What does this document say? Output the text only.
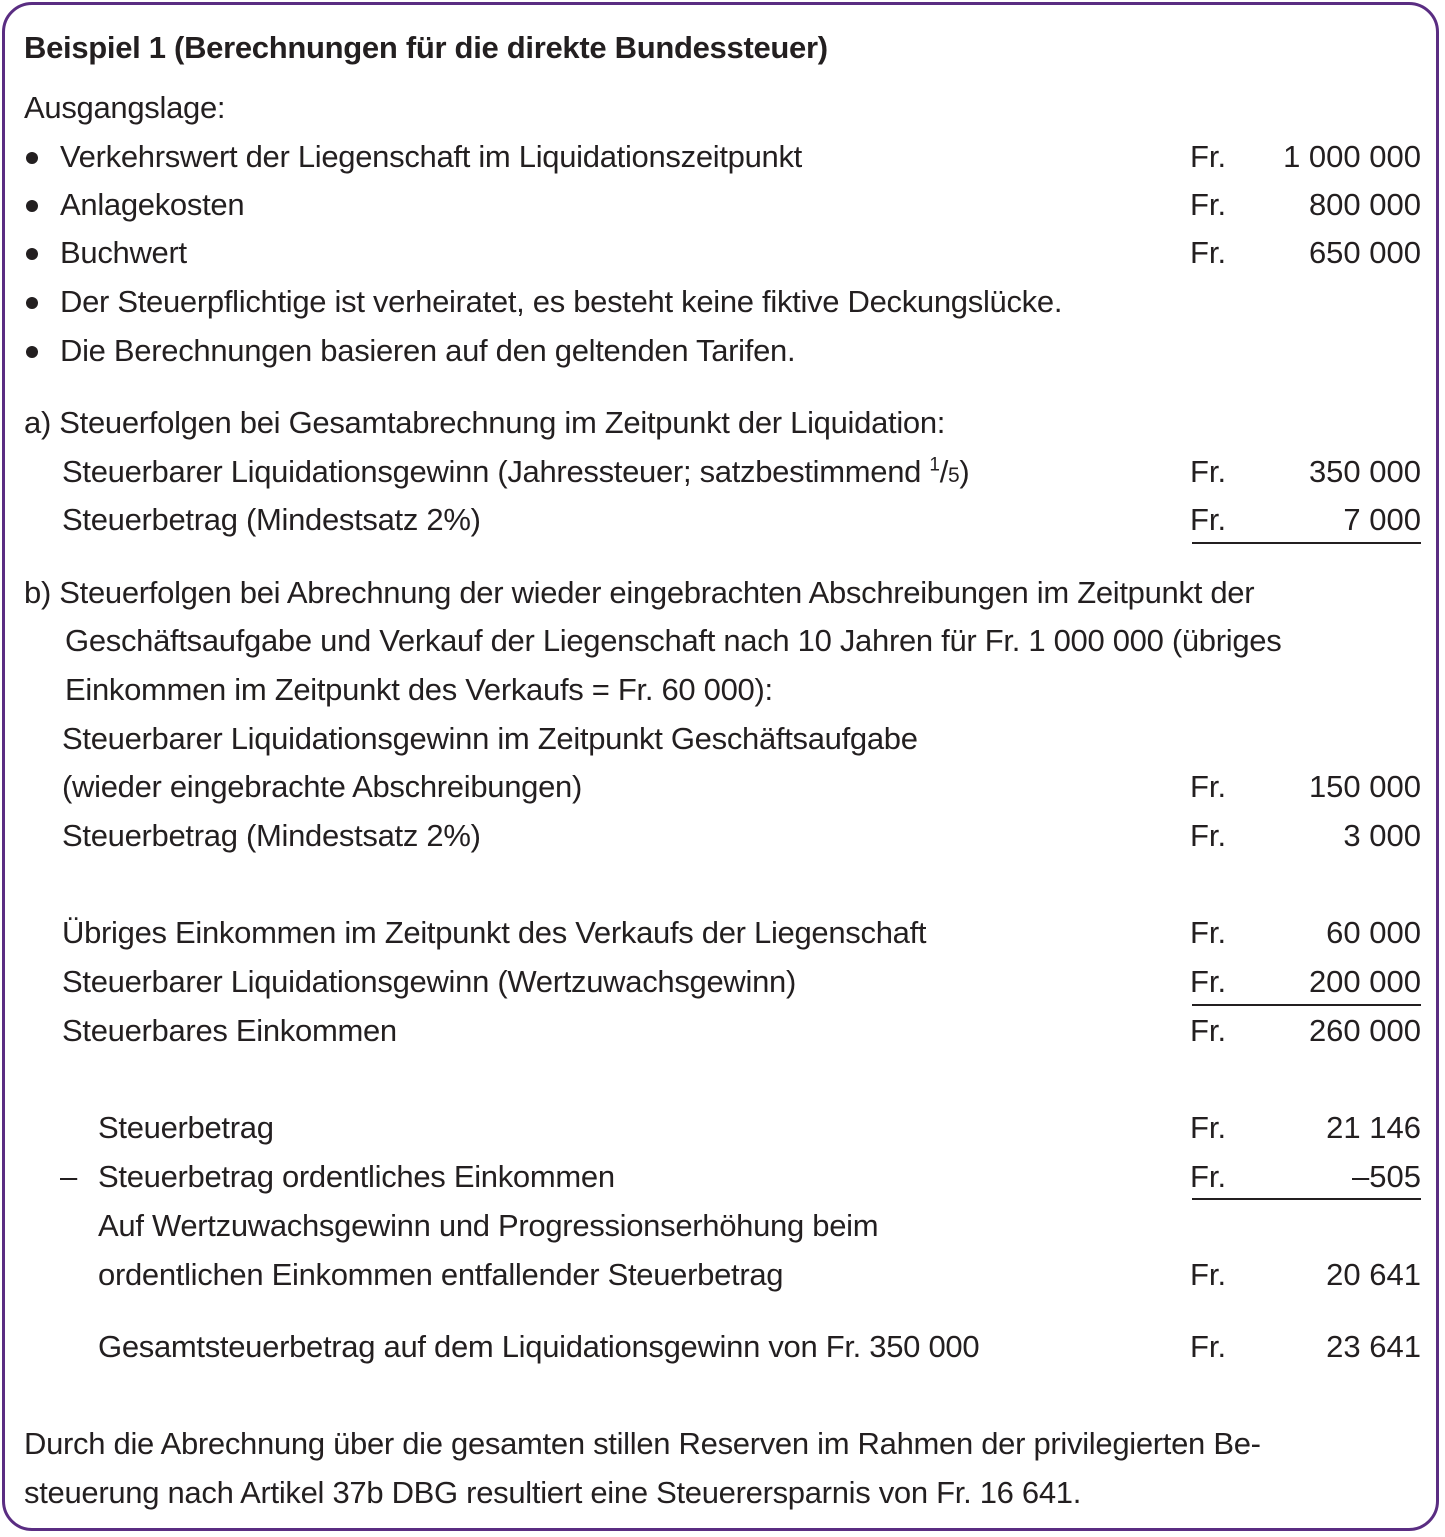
Beispiel 1 (Berechnungen für die direkte Bundessteuer)
Ausgangslage:
Verkehrswert der Liegenschaft im Liquidationszeitpunkt	Fr. 1 000 000
Anlagekosten	Fr.	800 000
Buchwert	Fr.	650 000
Der Steuerpflichtige ist verheiratet, es besteht keine fiktive Deckungslücke.
Die Berechnungen basieren auf den geltenden Tarifen.
a) Steuerfolgen bei Gesamtabrechnung im Zeitpunkt der Liquidation:
Steuerbarer Liquidationsgewinn (Jahressteuer; satzbestimmend $^1$/5)	Fr.	350 000
Steuerbetrag (Mindestsatz 2%)	Fr.	7 000
b) Steuerfolgen bei Abrechnung der wieder eingebrachten Abschreibungen im Zeitpunkt der
Geschäftsaufgabe und Verkauf der Liegenschaft nach 10 Jahren für Fr. 1 000 000 (übriges
Einkommen im Zeitpunkt des Verkaufs = Fr. 60 000):
Steuerbarer Liquidationsgewinn im Zeitpunkt Geschäftsaufgabe
(wieder eingebrachte Abschreibungen)	Fr.	150 000
Steuerbetrag (Mindestsatz 2%)	Fr.	3 000
Übriges Einkommen im Zeitpunkt des Verkaufs der Liegenschaft	Fr.	60 000
Steuerbarer Liquidationsgewinn (Wertzuwachsgewinn)	Fr.	200 000
Steuerbares Einkommen	Fr.	260 000
Steuerbetrag	Fr.	21 146
– Steuerbetrag ordentliches Einkommen	Fr.	–505
Auf Wertzuwachsgewinn und Progressionserhöhung beim
ordentlichen Einkommen entfallender Steuerbetrag	Fr.	20 641
Gesamtsteuerbetrag auf dem Liquidationsgewinn von Fr. 350 000	Fr.	23 641
Durch die Abrechnung über die gesamten stillen Reserven im Rahmen der privilegierten Be-
steuerung nach Artikel 37b DBG resultiert eine Steuerersparnis von Fr. 16 641.
